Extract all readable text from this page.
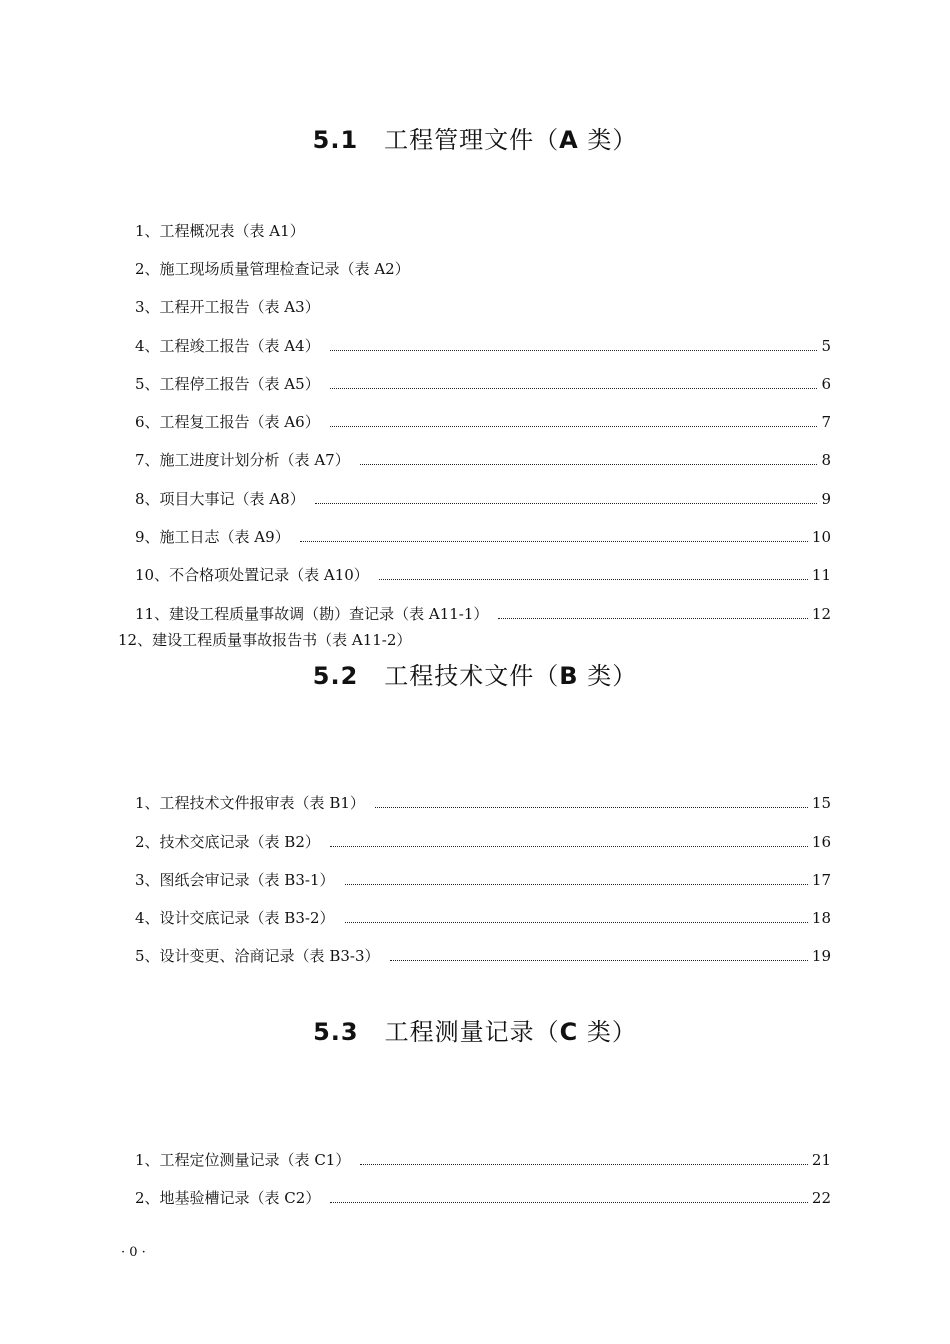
5.1 工程管理文件（A 类）
1、工程概况表（表 A1）
2、施工现场质量管理检查记录（表 A2）
3、工程开工报告（表 A3）
4、工程竣工报告（表 A4）	5
5、工程停工报告（表 A5）	6
6、工程复工报告（表 A6）	7
7、施工进度计划分析（表 A7）	8
8、项目大事记（表 A8）	9
9、施工日志（表 A9）	10
10、不合格项处置记录（表 A10）	11
11、建设工程质量事故调（勘）查记录（表 A11-1）	12
12、建设工程质量事故报告书（表 A11-2）
5.2 工程技术文件（B 类）
1、工程技术文件报审表（表 B1）	15
2、技术交底记录（表 B2）	16
3、图纸会审记录（表 B3-1）	17
4、设计交底记录（表 B3-2）	18
5、设计变更、洽商记录（表 B3-3）	19
5.3 工程测量记录（C 类）
1、工程定位测量记录（表 C1）	21
2、地基验槽记录（表 C2）	22
· 0 ·
